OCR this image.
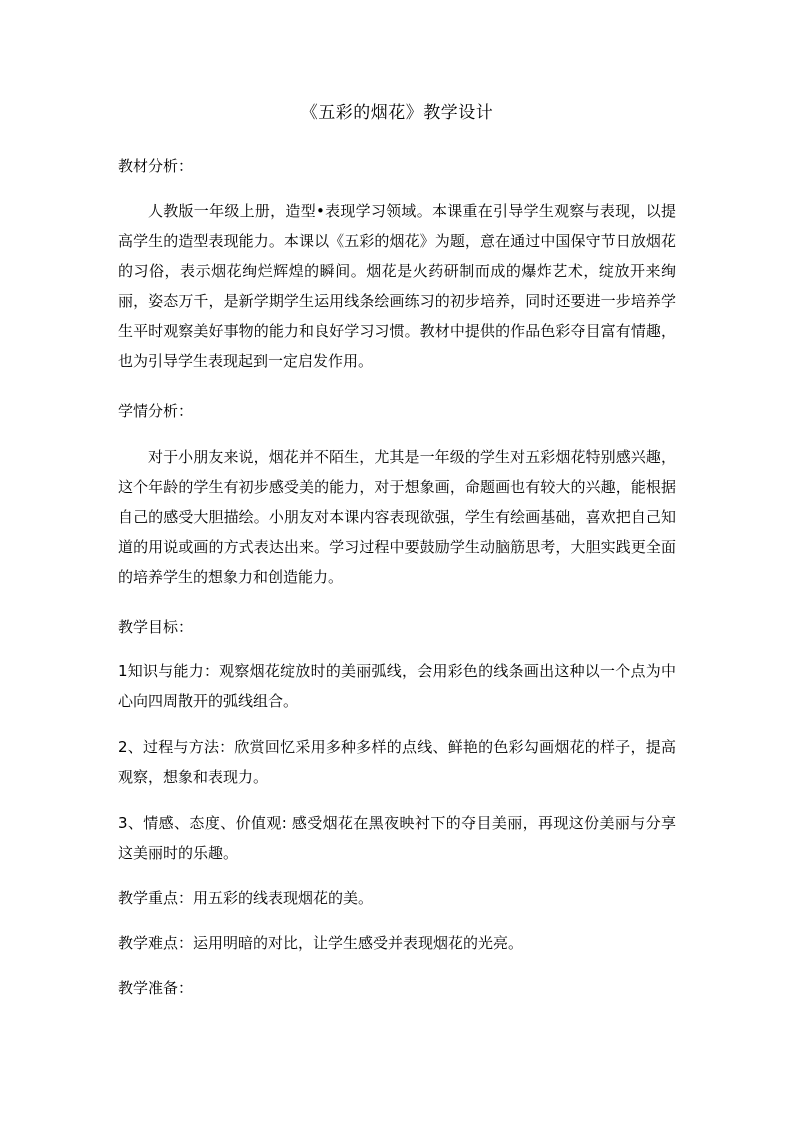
《五彩的烟花》教学设计
教材分析：
人教版一年级上册，造型•表现学习领域。本课重在引导学生观察与表现，以提高学生的造型表现能力。本课以《五彩的烟花》为题，意在通过中国保守节日放烟花的习俗，表示烟花绚烂辉煌的瞬间。烟花是火药研制而成的爆炸艺术，绽放开来绚丽，姿态万千，是新学期学生运用线条绘画练习的初步培养，同时还要进一步培养学生平时观察美好事物的能力和良好学习习惯。教材中提供的作品色彩夺目富有情趣，也为引导学生表现起到一定启发作用。
学情分析：
对于小朋友来说，烟花并不陌生，尤其是一年级的学生对五彩烟花特别感兴趣，这个年龄的学生有初步感受美的能力，对于想象画，命题画也有较大的兴趣，能根据自己的感受大胆描绘。小朋友对本课内容表现欲强，学生有绘画基础，喜欢把自己知道的用说或画的方式表达出来。学习过程中要鼓励学生动脑筋思考，大胆实践更全面的培养学生的想象力和创造能力。
教学目标：
1知识与能力：观察烟花绽放时的美丽弧线，会用彩色的线条画出这种以一个点为中心向四周散开的弧线组合。
2、过程与方法：欣赏回忆采用多种多样的点线、鲜艳的色彩勾画烟花的样子，提高观察，想象和表现力。
3、情感、态度、价值观: 感受烟花在黑夜映衬下的夺目美丽，再现这份美丽与分享这美丽时的乐趣。
教学重点：用五彩的线表现烟花的美。
教学难点：运用明暗的对比，让学生感受并表现烟花的光亮。
教学准备：
